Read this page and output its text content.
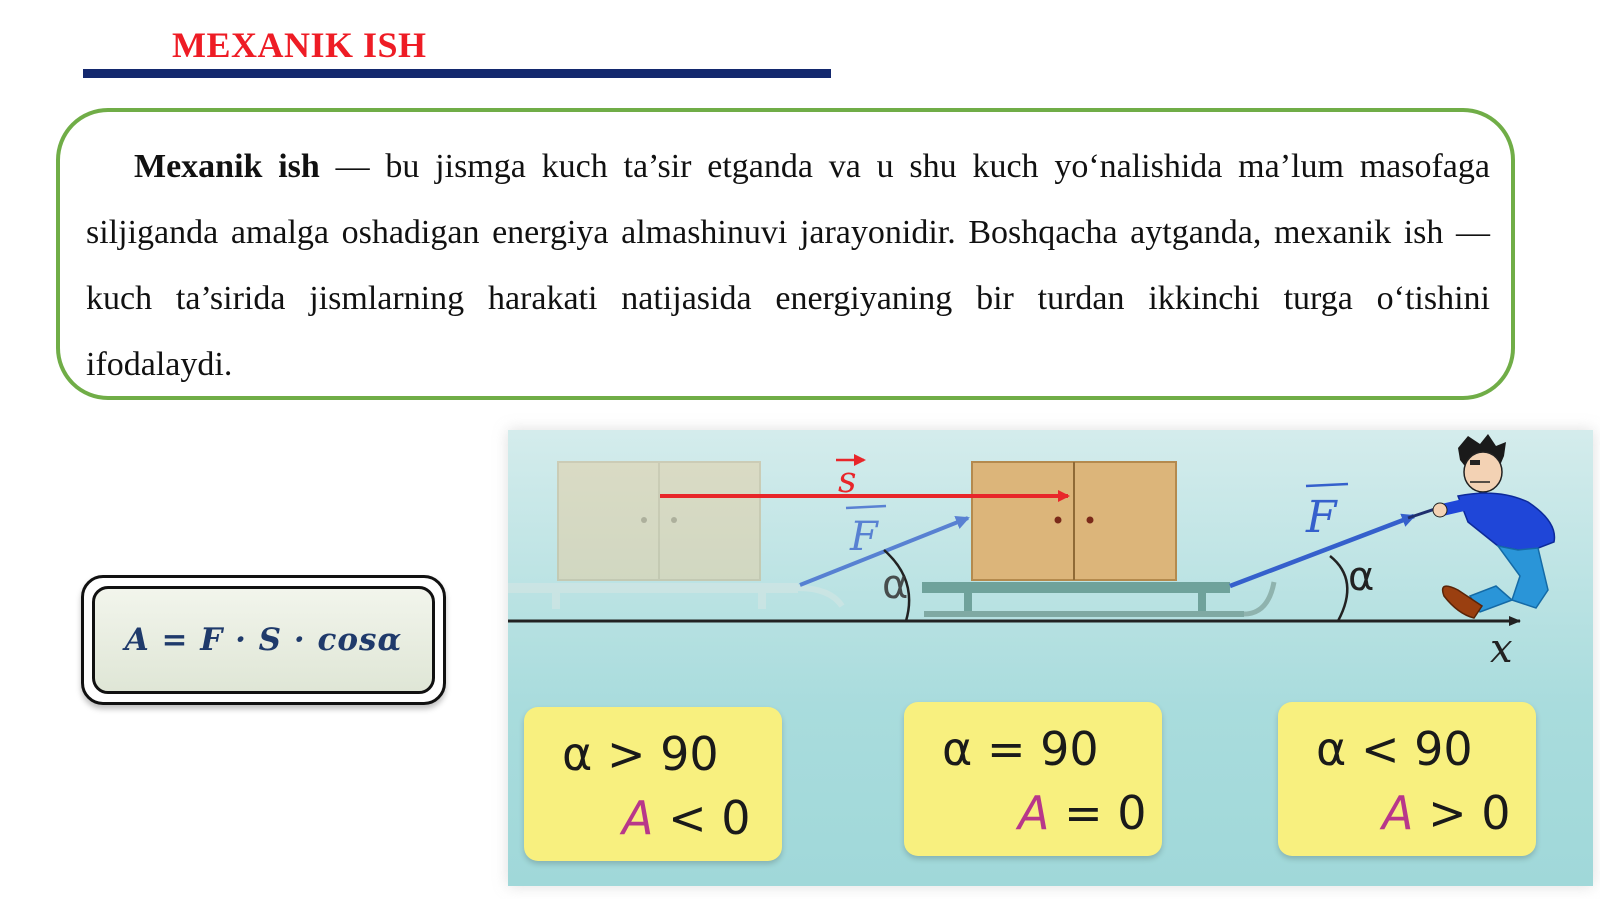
MEXANIK ISH

Mexanik ish — bu jismga kuch ta’sir etganda va u shu kuch yo‘nalishida ma’lum masofaga siljiganda amalga oshadigan energiya almashinuvi jarayonidir. Boshqacha aytganda, mexanik ish — kuch ta’sirida jismlarning harakati natijasida energiyaning bir turdan ikkinchi turga o‘tishini ifodalaydi.

A = F · S · cosα
s
F
α
F
α
x
α > 90
A < 0
α = 90
A = 0
α < 90
A > 0
